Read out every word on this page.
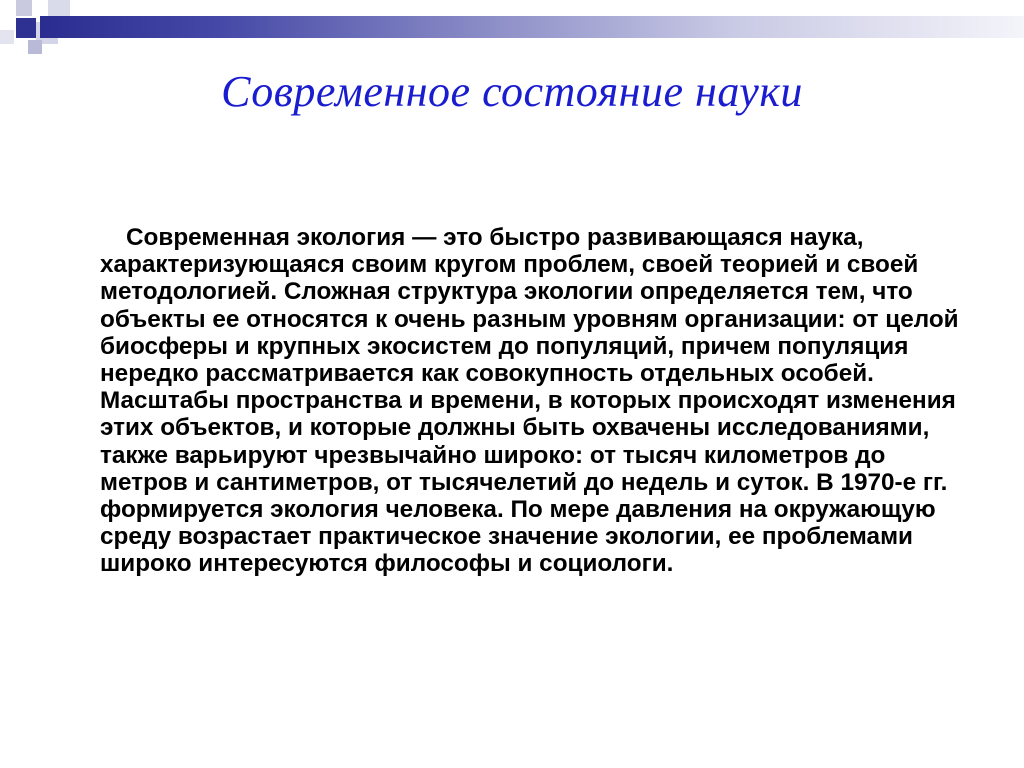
Современное состояние науки

Современная экология — это быстро развивающаяся наука, характеризующаяся своим кругом проблем, своей теорией и своей методологией. Сложная структура экологии определяется тем, что объекты ее относятся к очень разным уровням организации: от целой биосферы и крупных экосистем до популяций, причем популяция нередко рассматривается как совокупность отдельных особей. Масштабы пространства и времени, в которых происходят изменения этих объектов, и которые должны быть охвачены исследованиями, также варьируют чрезвычайно широко: от тысяч километров до метров и сантиметров, от тысячелетий до недель и суток. В 1970-е гг. формируется экология человека. По мере давления на окружающую среду возрастает практическое значение экологии, ее проблемами широко интересуются философы и социологи.
